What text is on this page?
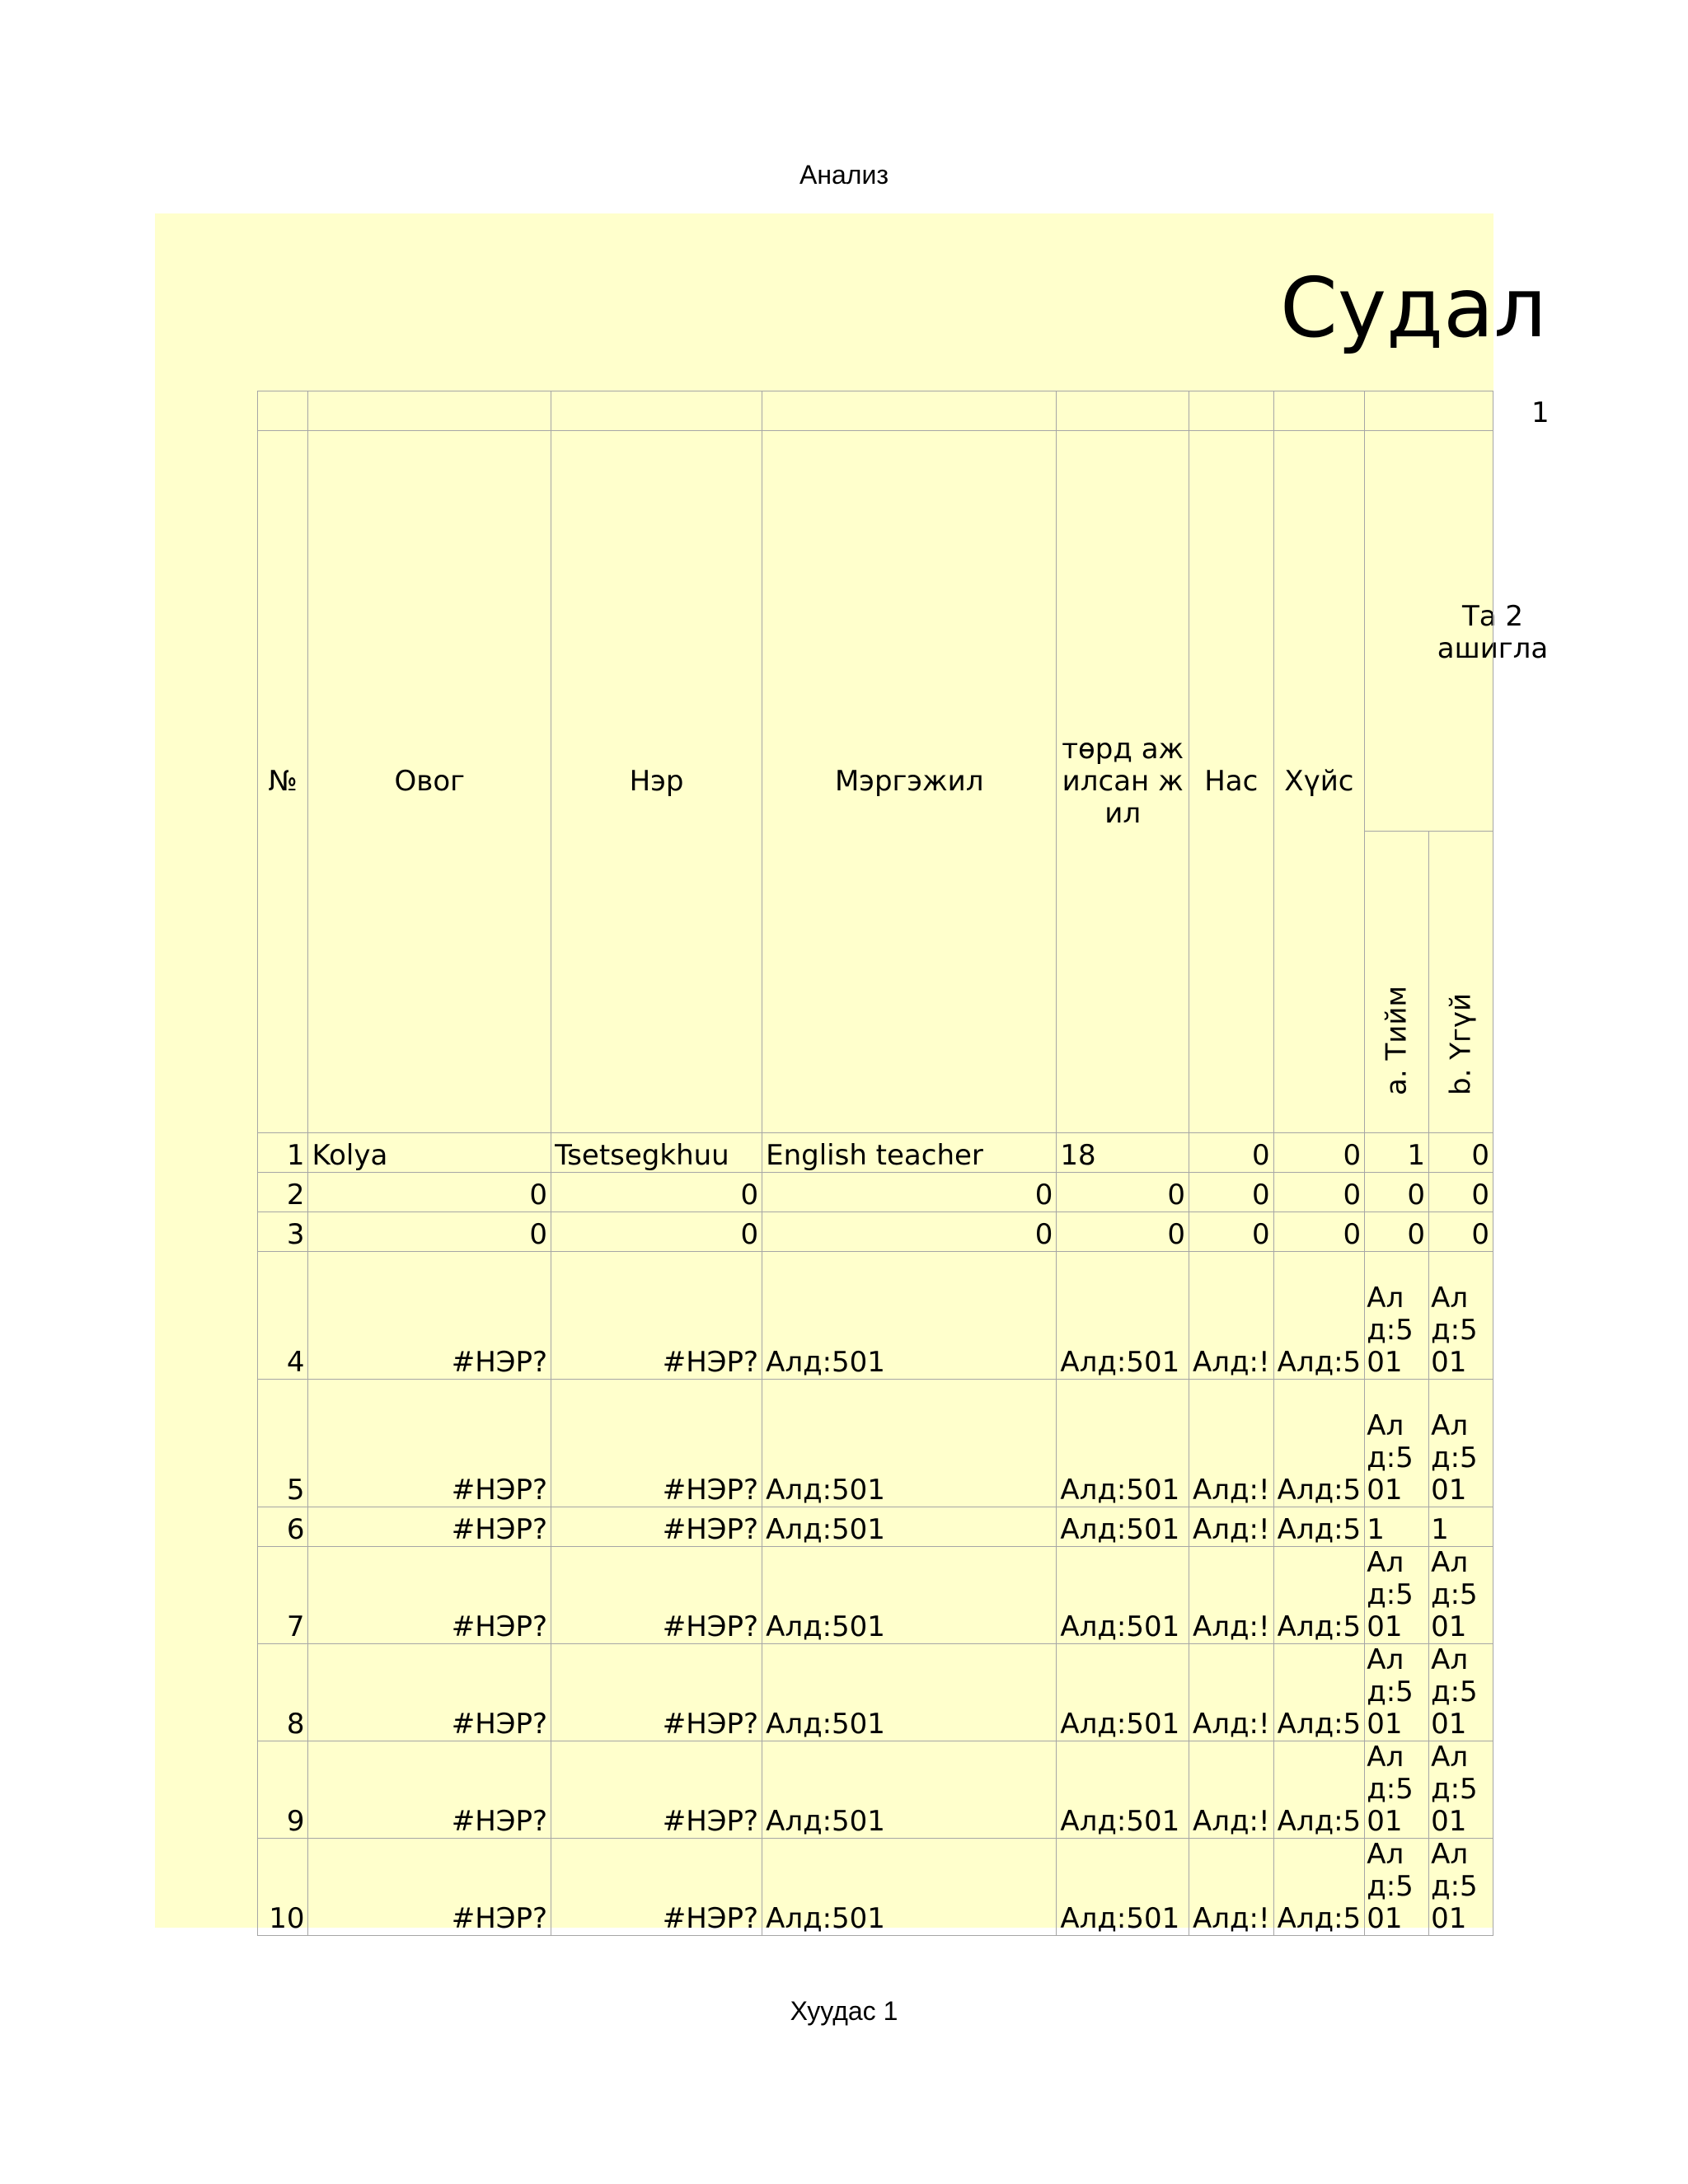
Анализ
Судал
1
Та 2
ашигла

№	Овог	Нэр	Мэргэжил	төрд ажилсан жил	Нас	Хүйс		

							a. Тийм	b. Үгүй

1	Kolya	Tsetsegkhuu	English teacher	18	0	0	1	0
2	0	0	0	0	0	0	0	0
3	0	0	0	0	0	0	0	0
4	#НЭР?	#НЭР?	Алд:501	Алд:501	Алд:!	Алд:5	Алд:501	Алд:501
5	#НЭР?	#НЭР?	Алд:501	Алд:501	Алд:!	Алд:5	Алд:501	Алд:501
6	#НЭР?	#НЭР?	Алд:501	Алд:501	Алд:!	Алд:5	1	1
7	#НЭР?	#НЭР?	Алд:501	Алд:501	Алд:!	Алд:5	Алд:501	Алд:501
8	#НЭР?	#НЭР?	Алд:501	Алд:501	Алд:!	Алд:5	Алд:501	Алд:501
9	#НЭР?	#НЭР?	Алд:501	Алд:501	Алд:!	Алд:5	Алд:501	Алд:501
10	#НЭР?	#НЭР?	Алд:501	Алд:501	Алд:!	Алд:5	Алд:501	Алд:501
Хуудас 1
